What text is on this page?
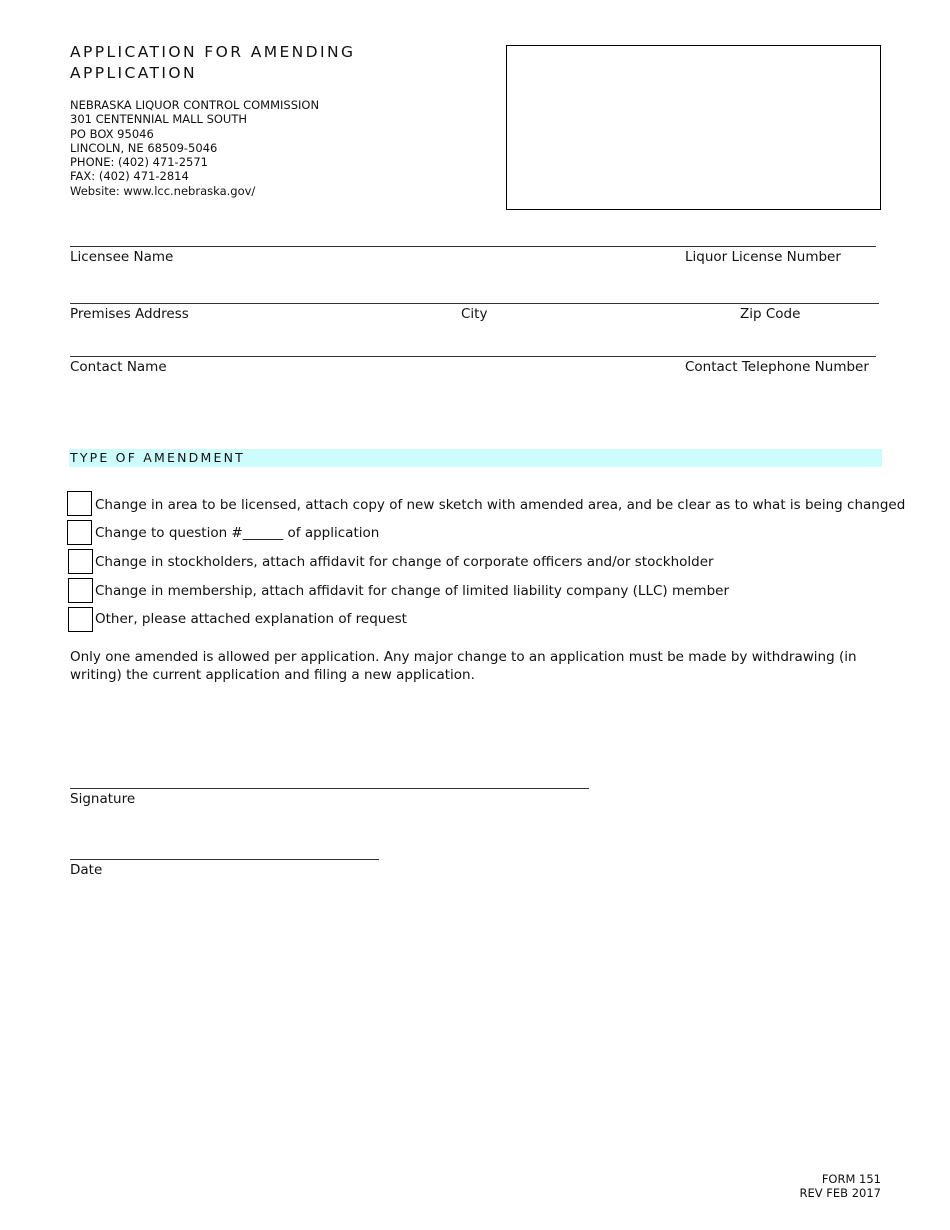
APPLICATION FOR AMENDING
APPLICATION
NEBRASKA LIQUOR CONTROL COMMISSION
301 CENTENNIAL MALL SOUTH
PO BOX 95046
LINCOLN, NE 68509-5046
PHONE: (402) 471-2571
FAX: (402) 471-2814
Website: www.lcc.nebraska.gov/
Licensee Name	Liquor License Number
Premises Address	City	Zip Code
Contact Name	Contact Telephone Number
TYPE OF AMENDMENT
Change in area to be licensed, attach copy of new sketch with amended area, and be clear as to what is being changed
Change to question #______ of application
Change in stockholders, attach affidavit for change of corporate officers and/or stockholder
Change in membership, attach affidavit for change of limited liability company (LLC) member
Other, please attached explanation of request
Only one amended is allowed per application. Any major change to an application must be made by withdrawing (in writing) the current application and filing a new application.
Signature
Date
FORM 151
REV FEB 2017
